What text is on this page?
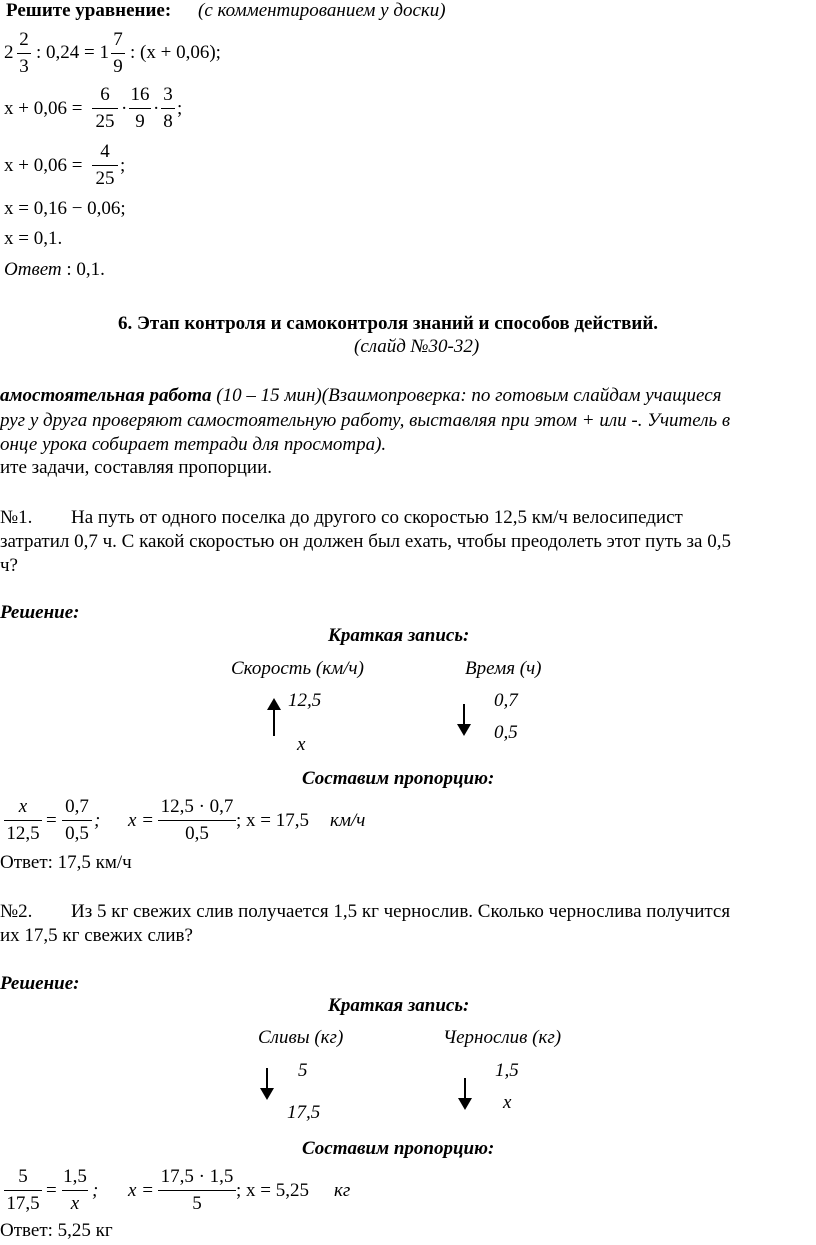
Решите уравнение: (с комментированием у доски)
2
2
3
: 0,24 = 1
7
9
: (x + 0,06);
x + 0,06 =
6
25
·
16
9
·
3
8
;
x + 0,06 =
4
25
;
x = 0,16 − 0,06;
x = 0,1.
Ответ : 0,1.
6. Этап контроля и самоконтроля знаний и способов действий.
(слайд №30-32)
амостоятельная работа (10 – 15 мин)(Взаимопроверка: по готовым слайдам учащиеся
руг у друга проверяют самостоятельную работу, выставляя при этом + или -. Учитель в
онце урока собирает тетради для просмотра).
ите задачи, составляя пропорции.
№1. На путь от одного поселка до другого со скоростью 12,5 км/ч велосипедист
затратил 0,7 ч. С какой скоростью он должен был ехать, чтобы преодолеть этот путь за 0,5
ч?
Решение:
Краткая запись:
Скорость (км/ч)	Время (ч)
12,5
x
0,7
0,5
Составим пропорцию:
x
12,5
=
0,7
0,5
; x =
12,5 · 0,7
0,5
; x = 17,5 км/ч
Ответ: 17,5 км/ч
№2. Из 5 кг свежих слив получается 1,5 кг чернослив. Сколько чернослива получится
их 17,5 кг свежих слив?
Решение:
Краткая запись:
Сливы (кг)	Чернослив (кг)
5
17,5
1,5
x
Составим пропорцию:
5
17,5
=
1,5
x
; x =
17,5 · 1,5
5
; x = 5,25 кг
Ответ: 5,25 кг
